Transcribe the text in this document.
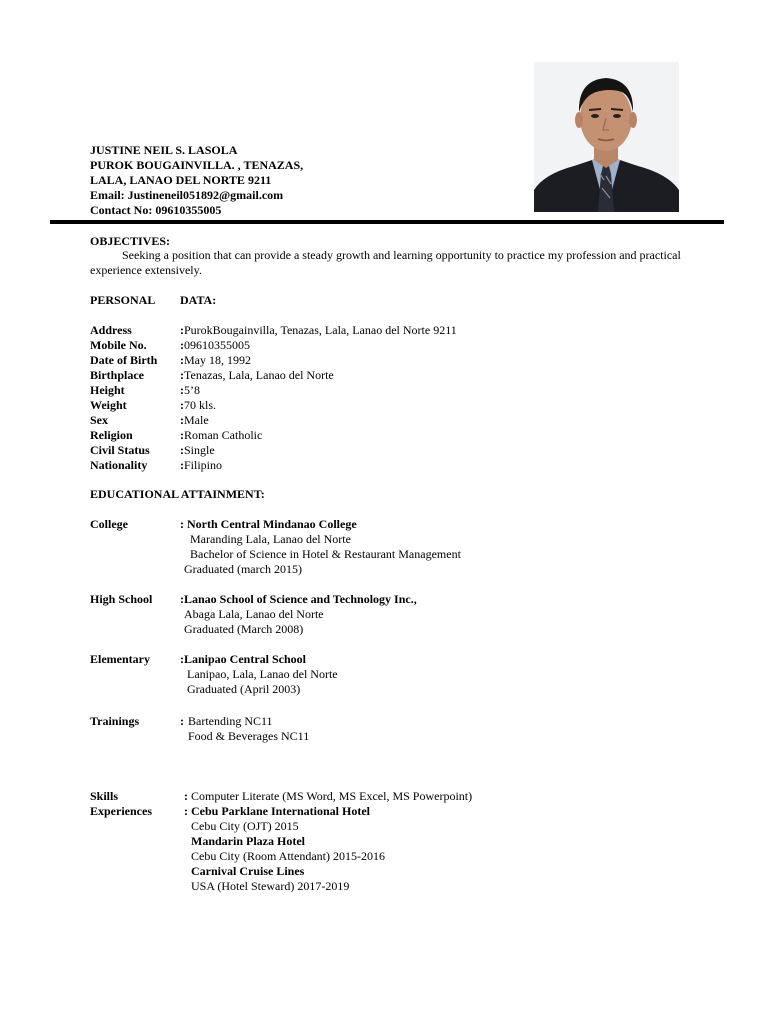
JUSTINE NEIL S. LASOLA
PUROK BOUGAINVILLA. , TENAZAS,
LALA, LANAO DEL NORTE 9211
Email: Justineneil051892@gmail.com
Contact No: 09610355005
OBJECTIVES:
Seeking a position that can provide a steady growth and learning opportunity to practice my profession and practical experience extensively.
PERSONAL DATA:
Address	:PurokBougainvilla, Tenazas, Lala, Lanao del Norte 9211
Mobile No.	:09610355005
Date of Birth :May 18, 1992
Birthplace	:Tenazas, Lala, Lanao del Norte
Height	:5’8
Weight	:70 kls.
Sex	:Male
Religion	:Roman Catholic
Civil Status	:Single
Nationality	:Filipino
EDUCATIONAL ATTAINMENT:
College	: North Central Mindanao College
Maranding Lala, Lanao del Norte
Bachelor of Science in Hotel & Restaurant Management
Graduated (march 2015)
High School :Lanao School of Science and Technology Inc.,
Abaga Lala, Lanao del Norte
Graduated (March 2008)
Elementary	:Lanipao Central School
Lanipao, Lala, Lanao del Norte
Graduated (April 2003)
Trainings	: Bartending NC11
Food & Beverages NC11
Skills	: Computer Literate (MS Word, MS Excel, MS Powerpoint)
Experiences	: Cebu Parklane International Hotel
Cebu City (OJT) 2015
Mandarin Plaza Hotel
Cebu City (Room Attendant) 2015-2016
Carnival Cruise Lines
USA (Hotel Steward) 2017-2019
